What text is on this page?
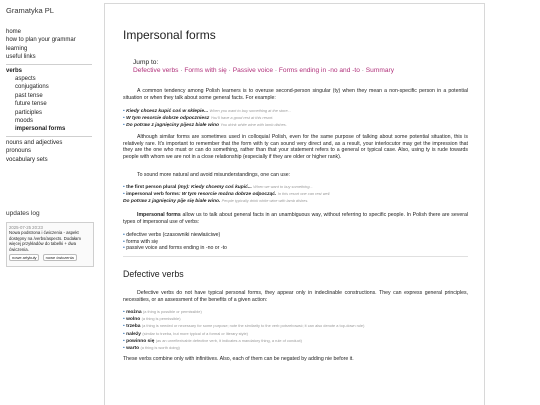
Gramatyka PL
home
how to plan your grammar learning
useful links
verbs
aspects
conjugations
past tense
future tense
participles
moods
impersonal forms
nouns and adjectives
pronouns
vocabulary sets
updates log
2025-07-25 20:23
Nowa podstrona i ćwiczenia - aspekt dostępny na /verbs/aspects. Dodałam więcej przykładów do tabelki + dwa ćwiczenia.
nowe artykuły nowe ćwiczenia
Impersonal forms
Jump to:
Defective verbs · Forms with się · Passive voice · Forms ending in -no and -to · Summary

A common tendency among Polish learners is to overuse second-person singular (ty) when they mean a non-specific person in a potential situation or when they talk about some general facts. For example:

• Kiedy chcesz kupić coś w sklepie... When you want to buy something at the store...
• W tym resorcie dobrze odpoczniesz You'll have a good rest at this resort.
• Do potraw z jagnięciny pijesz białe wino You drink white wine with lamb dishes.

Although similar forms are sometimes used in colloquial Polish, even for the same purpose of talking about some potential situation, this is relatively rare. It's important to remember that the form with ty can sound very direct and, as a result, your interlocutor may get the impression that they are the one who must or can do something, rather than that your statement refers to a general or typical case. Also, using ty is rude towards people with whom we are not in a close relationship (especially if they are older or higher rank).

To sound more natural and avoid misunderstandings, one can use:

• the first person plural (my): Kiedy chcemy coś kupić... When we want to buy something...
• impersonal verb forms: W tym resorcie można dobrze odpocząć. In this resort one can rest well.
Do potraw z jagnięciny pije się białe wino. People typically drink white wine with lamb dishes.

Impersonal forms allow us to talk about general facts in an unambiguous way, without referring to specific people. In Polish there are several types of impersonal use of verbs:

• defective verbs (czasowniki niewłaściwe)
• forms with się
• passive voice and forms ending in -no or -to
Defective verbs

Defective verbs do not have typical personal forms, they appear only in indeclinable constructions. They can express general principles, necessities, or an assessment of the benefits of a given action:

• można (a thing is possible or permissible)
• wolno (a thing is permissible)
• trzeba (a thing is needed or necessary for some purpose; note the similarity to the verb potrzebować; it can also denote a top-down rule)
• należy (similar to trzeba, but more typical of a formal or literary style)
• powinno się (as an unreflexivable defective verb, it indicates a mandatory thing, a rule of conduct)
• warto (a thing is worth doing)

These verbs combine only with infinitives. Also, each of them can be negated by adding nie before it.
